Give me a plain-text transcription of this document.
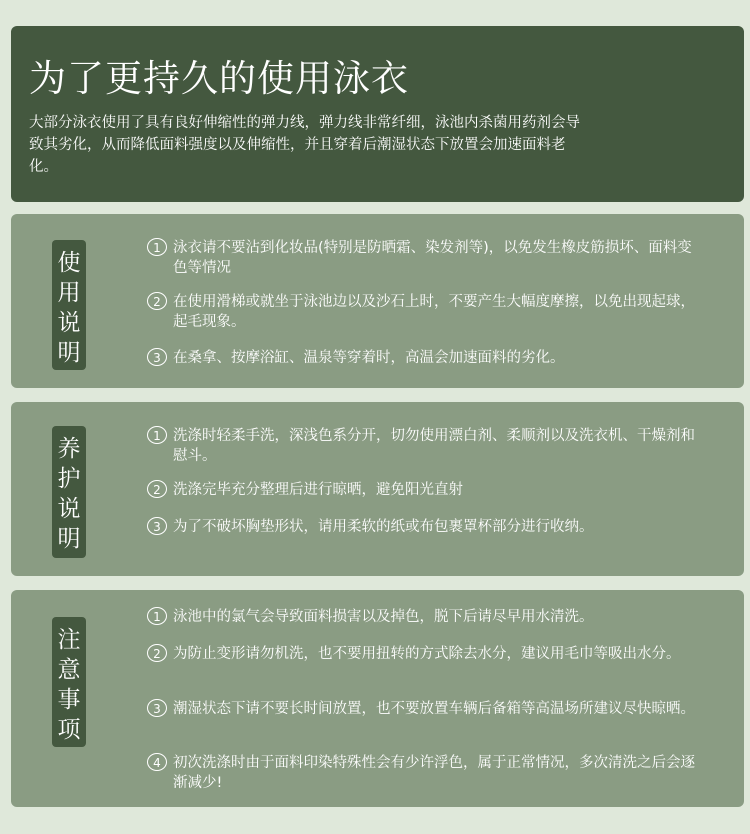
为了更持久的使用泳衣

大部分泳衣使用了具有良好伸缩性的弹力线，弹力线非常纤细，泳池内杀菌用药剂会导致其劣化，从而降低面料强度以及伸缩性，并且穿着后潮湿状态下放置会加速面料老化。

使
用
说
明
1 泳衣请不要沾到化妆品(特别是防晒霜、染发剂等)，以免发生橡皮筋损坏、面料变色等情况
2 在使用滑梯或就坐于泳池边以及沙石上时，不要产生大幅度摩擦，以免出现起球，起毛现象。
3 在桑拿、按摩浴缸、温泉等穿着时，高温会加速面料的劣化。
养
护
说
明
1 洗涤时轻柔手洗，深浅色系分开，切勿使用漂白剂、柔顺剂以及洗衣机、干燥剂和慰斗。
2 洗涤完毕充分整理后进行晾晒，避免阳光直射
3 为了不破坏胸垫形状，请用柔软的纸或布包裹罩杯部分进行收纳。
注
意
事
项
1 泳池中的氯气会导致面料损害以及掉色，脱下后请尽早用水清洗。
2 为防止变形请勿机洗，也不要用扭转的方式除去水分，建议用毛巾等吸出水分。
3 潮湿状态下请不要长时间放置，也不要放置车辆后备箱等高温场所建议尽快晾晒。
4 初次洗涤时由于面料印染特殊性会有少许浮色，属于正常情况，多次清洗之后会逐渐减少!
